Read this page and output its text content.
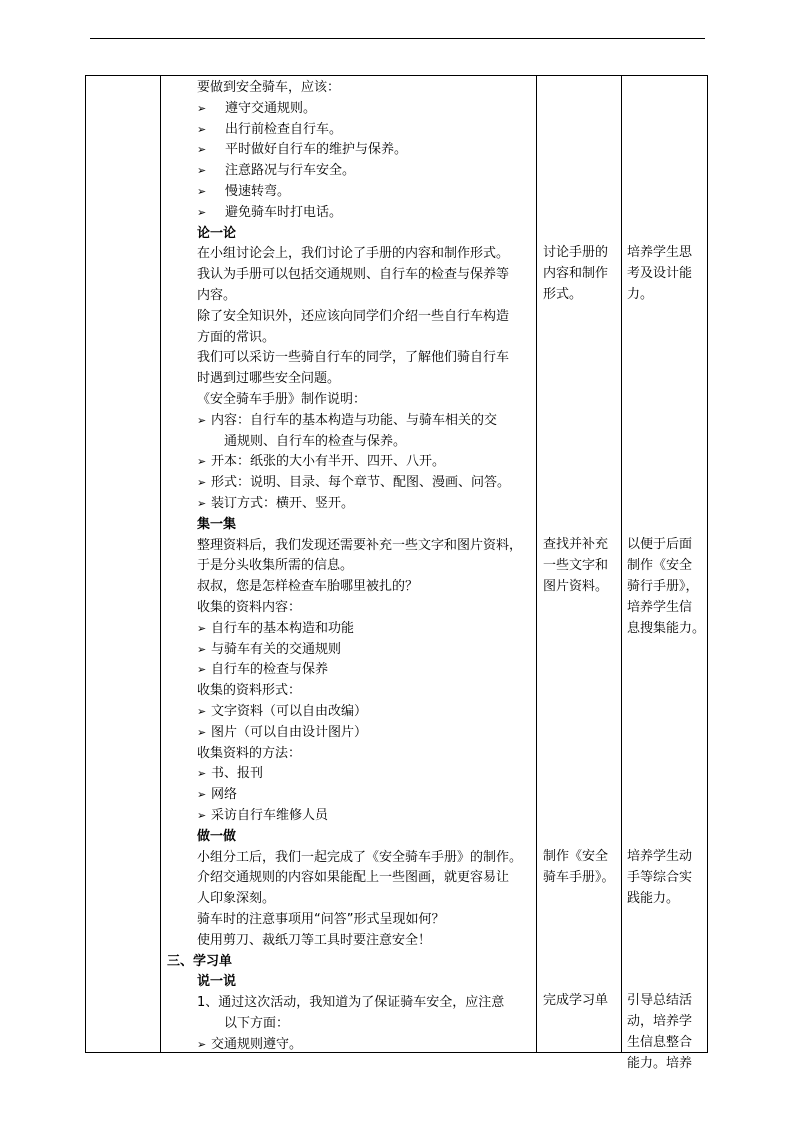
要做到安全骑车，应该：
➢ 遵守交通规则。
➢ 出行前检查自行车。
➢ 平时做好自行车的维护与保养。
➢ 注意路况与行车安全。
➢ 慢速转弯。
➢ 避免骑车时打电话。
论一论
在小组讨论会上，我们讨论了手册的内容和制作形式。
我认为手册可以包括交通规则、自行车的检查与保养等
内容。
除了安全知识外，还应该向同学们介绍一些自行车构造
方面的常识。
我们可以采访一些骑自行车的同学，了解他们骑自行车
时遇到过哪些安全问题。
《安全骑车手册》制作说明：
➢ 内容：自行车的基本构造与功能、与骑车相关的交
通规则、自行车的检查与保养。
➢ 开本：纸张的大小有半开、四开、八开。
➢ 形式：说明、目录、每个章节、配图、漫画、问答。
➢ 装订方式：横开、竖开。
集一集
整理资料后，我们发现还需要补充一些文字和图片资料，
于是分头收集所需的信息。
叔叔，您是怎样检查车胎哪里被扎的？
收集的资料内容：
➢ 自行车的基本构造和功能
➢ 与骑车有关的交通规则
➢ 自行车的检查与保养
收集的资料形式：
➢ 文字资料（可以自由改编）
➢ 图片（可以自由设计图片）
收集资料的方法：
➢ 书、报刊
➢ 网络
➢ 采访自行车维修人员
做一做
小组分工后，我们一起完成了《安全骑车手册》的制作。
介绍交通规则的内容如果能配上一些图画，就更容易让
人印象深刻。
骑车时的注意事项用“问答”形式呈现如何？
使用剪刀、裁纸刀等工具时要注意安全！
三、学习单
说一说
1、通过这次活动，我知道为了保证骑车安全，应注意
以下方面：
➢ 交通规则遵守。
讨论手册的
内容和制作
形式。
查找并补充
一些文字和
图片资料。
制作《安全
骑车手册》。
完成学习单
培养学生思
考及设计能
力。
以便于后面
制作《安全
骑行手册》，
培养学生信
息搜集能力。
培养学生动
手等综合实
践能力。
引导总结活
动，培养学
生信息整合
能力。培养
